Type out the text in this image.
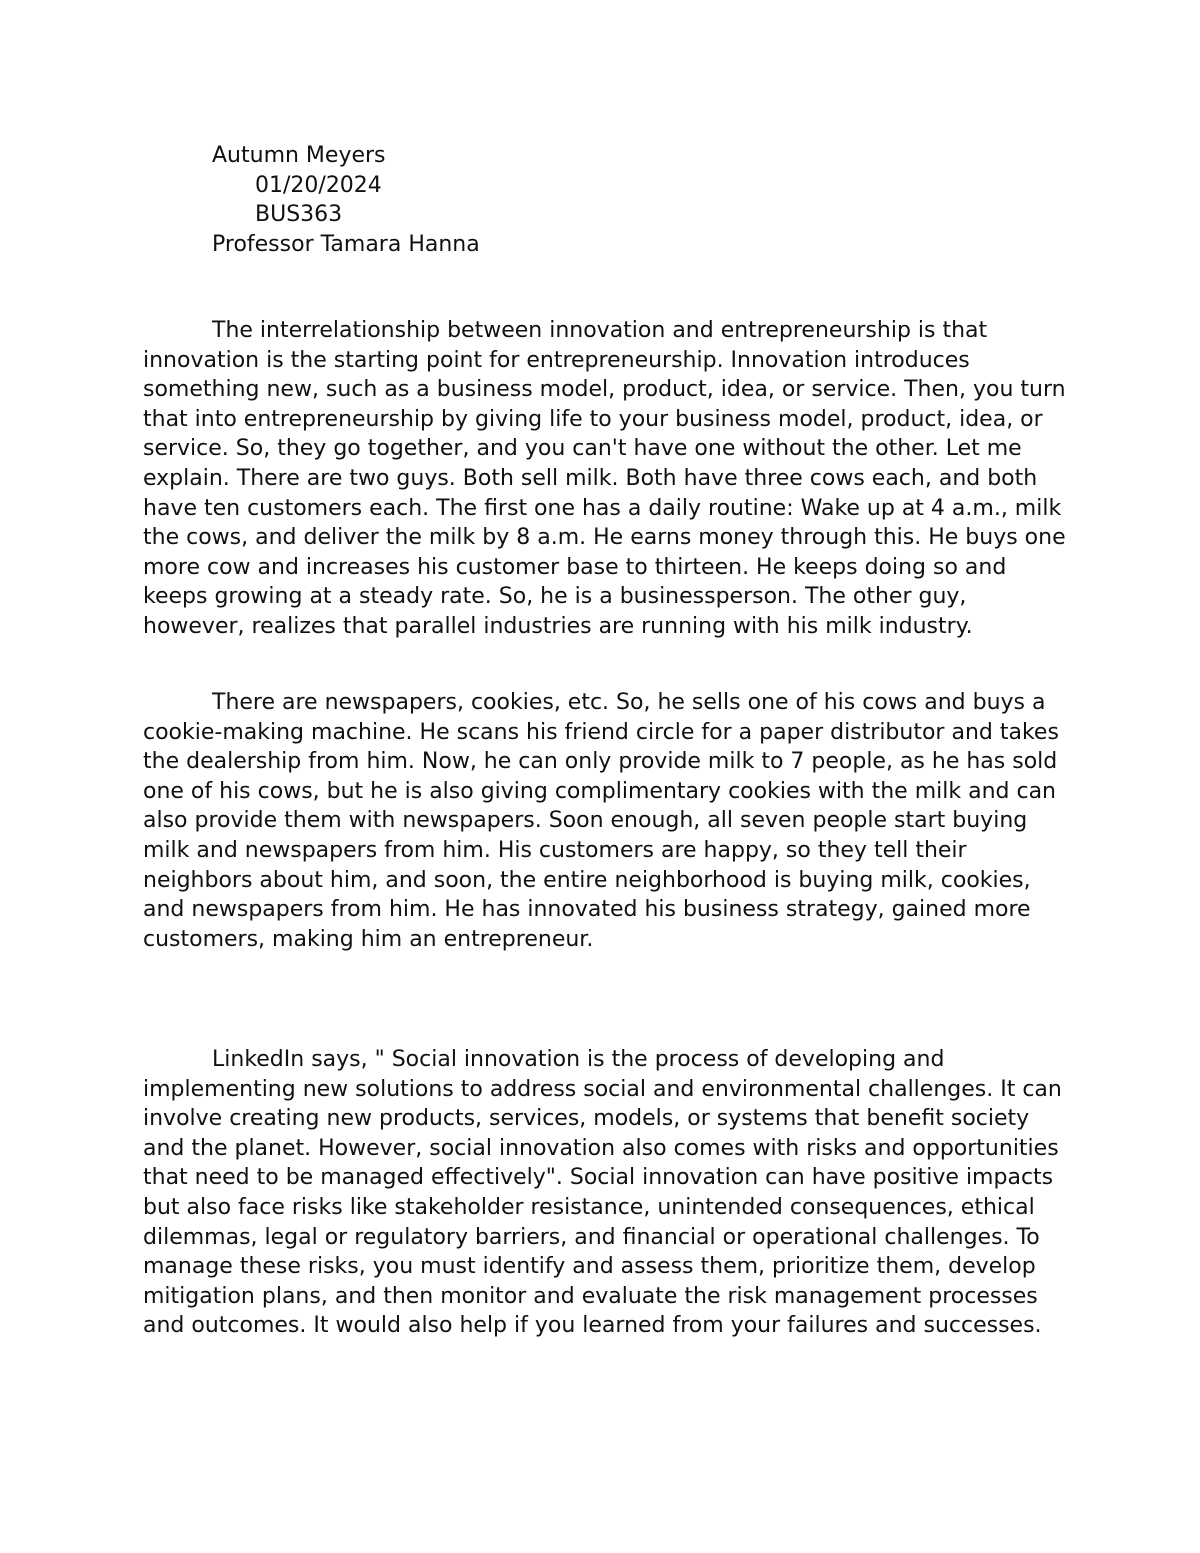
Autumn Meyers
01/20/2024
BUS363
Professor Tamara Hanna

The interrelationship between innovation and entrepreneurship is that innovation is the starting point for entrepreneurship. Innovation introduces something new, such as a business model, product, idea, or service. Then, you turn that into entrepreneurship by giving life to your business model, product, idea, or service. So, they go together, and you can't have one without the other. Let me explain. There are two guys. Both sell milk. Both have three cows each, and both have ten customers each. The first one has a daily routine: Wake up at 4 a.m., milk the cows, and deliver the milk by 8 a.m. He earns money through this. He buys one more cow and increases his customer base to thirteen. He keeps doing so and keeps growing at a steady rate. So, he is a businessperson. The other guy, however, realizes that parallel industries are running with his milk industry.

There are newspapers, cookies, etc. So, he sells one of his cows and buys a cookie-making machine. He scans his friend circle for a paper distributor and takes the dealership from him. Now, he can only provide milk to 7 people, as he has sold one of his cows, but he is also giving complimentary cookies with the milk and can also provide them with newspapers. Soon enough, all seven people start buying milk and newspapers from him. His customers are happy, so they tell their neighbors about him, and soon, the entire neighborhood is buying milk, cookies, and newspapers from him. He has innovated his business strategy, gained more customers, making him an entrepreneur.

LinkedIn says, " Social innovation is the process of developing and implementing new solutions to address social and environmental challenges. It can involve creating new products, services, models, or systems that benefit society and the planet. However, social innovation also comes with risks and opportunities that need to be managed effectively". Social innovation can have positive impacts but also face risks like stakeholder resistance, unintended consequences, ethical dilemmas, legal or regulatory barriers, and financial or operational challenges. To manage these risks, you must identify and assess them, prioritize them, develop mitigation plans, and then monitor and evaluate the risk management processes and outcomes. It would also help if you learned from your failures and successes.
